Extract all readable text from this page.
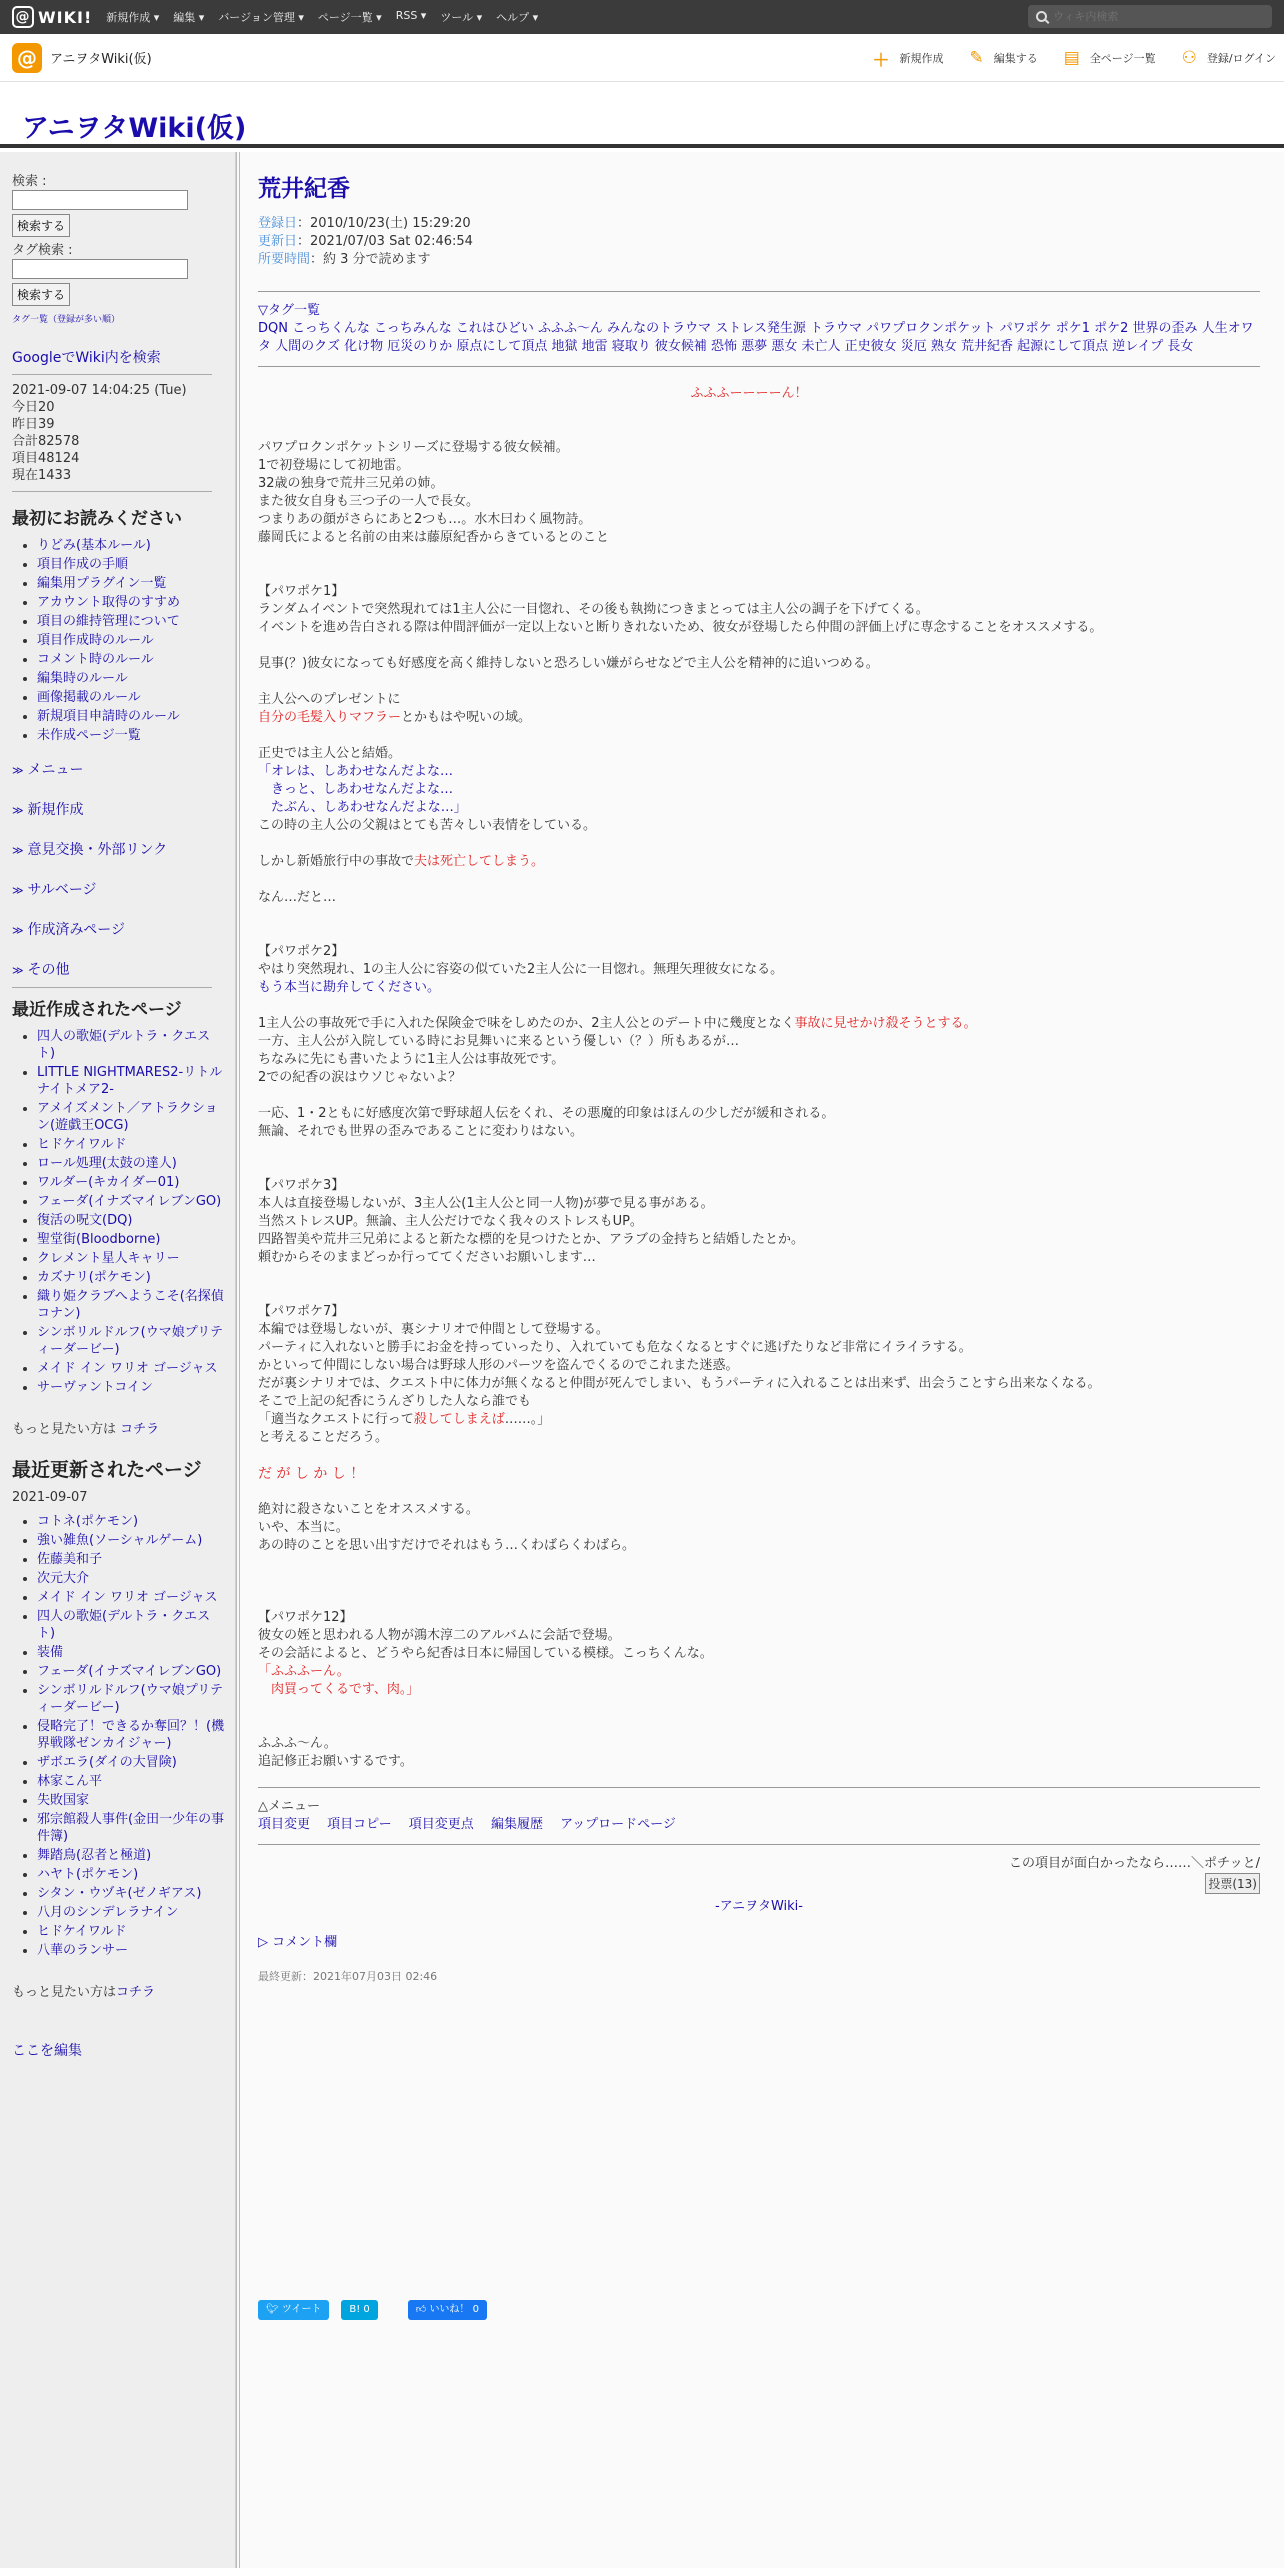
@ WIKI! 新規作成 ▾ 編集 ▾ バージョン管理 ▾ ページ一覧 ▾ RSS ▾ ツール ▾ ヘルプ ▾
ウィキ内検索
@	アニヲタWiki(仮)	＋ 新規作成 ✎ 編集する ▤ 全ページ一覧 ⚇ 登録/ログイン
アニヲタWiki(仮)
検索 :
検索する
タグ検索 :
検索する
タグ一覧（登録が多い順）
GoogleでWiki内を検索
2021-09-07 14:04:25 (Tue)
今日20
昨日39
合計82578
項目48124
現在1433
最初にお読みください
• りどみ(基本ルール)
• 項目作成の手順
• 編集用プラグイン一覧
• アカウント取得のすすめ
• 項目の維持管理について
• 項目作成時のルール
• コメント時のルール
• 編集時のルール
• 画像掲載のルール
• 新規項目申請時のルール
• 未作成ページ一覧
≫ メニュー
≫ 新規作成
≫ 意見交換・外部リンク
≫ サルベージ
≫ 作成済みページ
≫ その他
最近作成されたページ
• 四人の歌姫(デルトラ・クエスト)
• LITTLE NIGHTMARES2-リトルナイトメア2-
• アメイズメント／アトラクション(遊戯王OCG)
• ヒドケイワルド
• ロール処理(太鼓の達人)
• ワルダー(キカイダー01)
• フェーダ(イナズマイレブンGO)
• 復活の呪文(DQ)
• 聖堂街(Bloodborne)
• クレメント星人キャリー
• カズナリ(ポケモン)
• 織り姫クラブへようこそ(名探偵コナン)
• シンボリルドルフ(ウマ娘プリティーダービー)
• メイド イン ワリオ ゴージャス
• サーヴァントコイン
もっと見たい方は コチラ
最近更新されたページ
2021-09-07
• コトネ(ポケモン)
• 強い雑魚(ソーシャルゲーム)
• 佐藤美和子
• 次元大介
• メイド イン ワリオ ゴージャス
• 四人の歌姫(デルトラ・クエスト)
• 装備
• フェーダ(イナズマイレブンGO)
• シンボリルドルフ(ウマ娘プリティーダービー)
• 侵略完了！できるか奪回？！(機界戦隊ゼンカイジャー)
• ザボエラ(ダイの大冒険)
• 林家こん平
• 失敗国家
• 邪宗館殺人事件(金田一少年の事件簿)
• 舞踏鳥(忍者と極道)
• ハヤト(ポケモン)
• シタン・ウヅキ(ゼノギアス)
• 八月のシンデレラナイン
• ヒドケイワルド
• 八華のランサー
もっと見たい方はコチラ
ここを編集
荒井紀香
登録日：2010/10/23(土) 15:29:20
更新日：2021/07/03 Sat 02:46:54
所要時間：約 3 分で読めます
▽タグ一覧
DQN こっちくんな こっちみんな これはひどい ふふふ～ん みんなのトラウマ ストレス発生源 トラウマ パワプロクンポケット パワポケ ポケ1 ポケ2 世界の歪み 人生オワタ 人間のクズ 化け物 厄災のりか 原点にして頂点 地獄 地雷 寝取り 彼女候補 恐怖 悪夢 悪女 未亡人 正史彼女 災厄 熟女 荒井紀香 起源にして頂点 逆レイプ 長女
ふふふーーーーん！
パワプロクンポケットシリーズに登場する彼女候補。
1で初登場にして初地雷。
32歳の独身で荒井三兄弟の姉。
また彼女自身も三つ子の一人で長女。
つまりあの顔がさらにあと2つも…。水木曰わく風物詩。
藤岡氏によると名前の由来は藤原紀香からきているとのこと
【パワポケ1】
ランダムイベントで突然現れては1主人公に一目惚れ、その後も執拗につきまとっては主人公の調子を下げてくる。
イベントを進め告白される際は仲間評価が一定以上ないと断りきれないため、彼女が登場したら仲間の評価上げに専念することをオススメする。
見事(？)彼女になっても好感度を高く維持しないと恐ろしい嫌がらせなどで主人公を精神的に追いつめる。
主人公へのプレゼントに
自分の毛髪入りマフラーとかもはや呪いの域。
正史では主人公と結婚。
「オレは、しあわせなんだよな…
　きっと、しあわせなんだよな…
　たぶん、しあわせなんだよな…」
この時の主人公の父親はとても苦々しい表情をしている。
しかし新婚旅行中の事故で夫は死亡してしまう。
なん…だと…
【パワポケ2】
やはり突然現れ、1の主人公に容姿の似ていた2主人公に一目惚れ。無理矢理彼女になる。
もう本当に勘弁してください。
1主人公の事故死で手に入れた保険金で味をしめたのか、2主人公とのデート中に幾度となく事故に見せかけ殺そうとする。
一方、主人公が入院している時にお見舞いに来るという優しい（？）所もあるが…
ちなみに先にも書いたように1主人公は事故死です。
2での紀香の涙はウソじゃないよ？
一応、1・2ともに好感度次第で野球超人伝をくれ、その悪魔的印象はほんの少しだが緩和される。
無論、それでも世界の歪みであることに変わりはない。
【パワポケ3】
本人は直接登場しないが、3主人公(1主人公と同一人物)が夢で見る事がある。
当然ストレスUP。無論、主人公だけでなく我々のストレスもUP。
四路智美や荒井三兄弟によると新たな標的を見つけたとか、アラブの金持ちと結婚したとか。
頼むからそのままどっか行っててくださいお願いします…
【パワポケ7】
本編では登場しないが、裏シナリオで仲間として登場する。
パーティに入れないと勝手にお金を持っていったり、入れていても危なくなるとすぐに逃げたりなど非常にイライラする。
かといって仲間にしない場合は野球人形のパーツを盗んでくるのでこれまた迷惑。
だが裏シナリオでは、クエスト中に体力が無くなると仲間が死んでしまい、もうパーティに入れることは出来ず、出会うことすら出来なくなる。
そこで上記の紀香にうんざりした人なら誰でも
「適当なクエストに行って殺してしまえば……。」
と考えることだろう。
だ が し か し ！
絶対に殺さないことをオススメする。
いや、本当に。
あの時のことを思い出すだけでそれはもう…くわばらくわばら。
【パワポケ12】
彼女の姪と思われる人物が鴻木淳二のアルバムに会話で登場。
その会話によると、どうやら紀香は日本に帰国している模様。こっちくんな。
「ふふふーん。
　肉買ってくるです、肉。」
ふふふ～ん。
追記修正お願いするです。
△メニュー
項目変更　 項目コピー　 項目変更点　 編集履歴　 アップロードページ
この項目が面白かったなら……＼ポチッと/
投票(13)
-アニヲタWiki-
▷ コメント欄
最終更新：2021年07月03日 02:46
🐦︎ ツイート	B! 0	👍︎ いいね！ 0
